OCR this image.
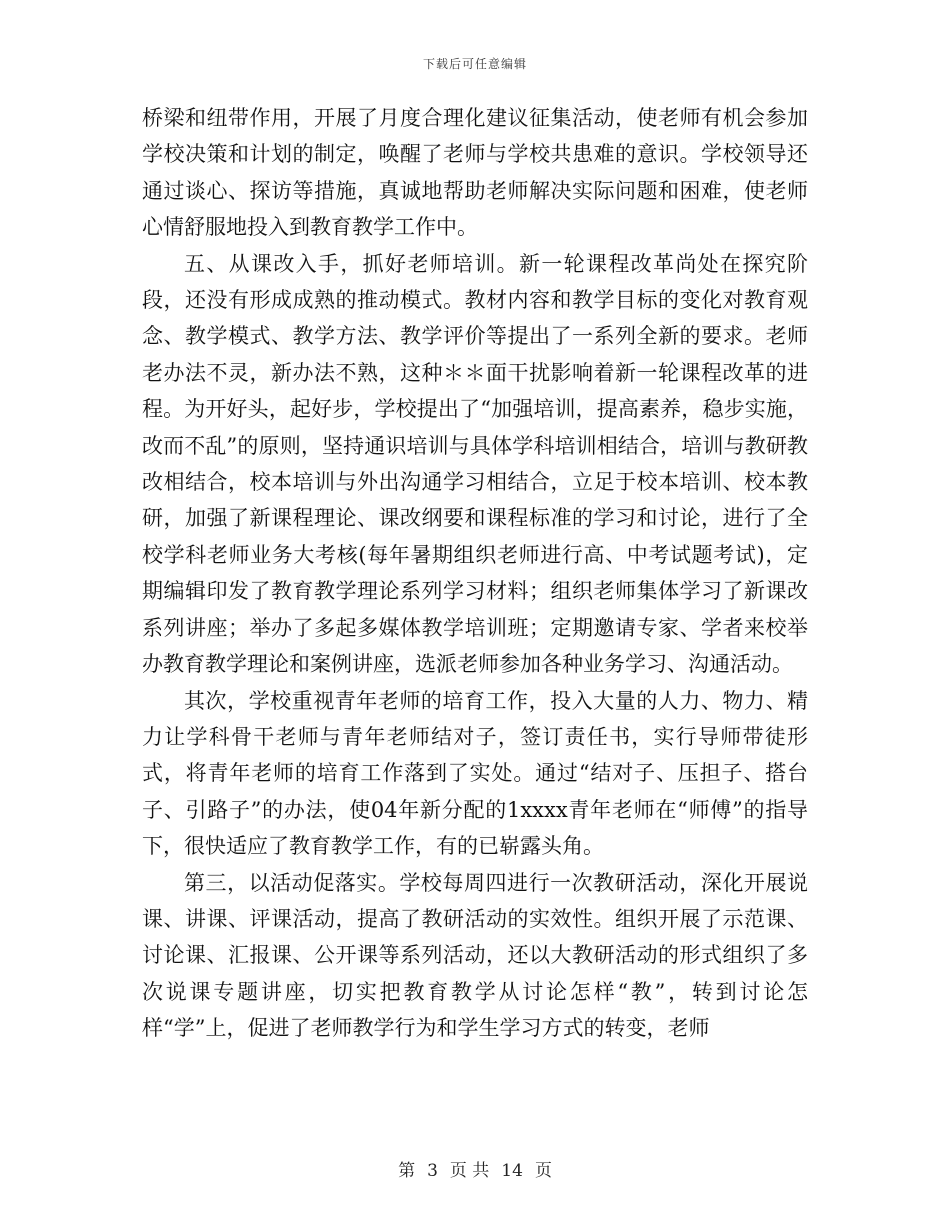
下载后可任意编辑

桥梁和纽带作用，开展了月度合理化建议征集活动，使老师有机会参加学校决策和计划的制定，唤醒了老师与学校共患难的意识。学校领导还通过谈心、探访等措施，真诚地帮助老师解决实际问题和困难，使老师心情舒服地投入到教育教学工作中。

五、从课改入手，抓好老师培训。新一轮课程改革尚处在探究阶段，还没有形成成熟的推动模式。教材内容和教学目标的变化对教育观念、教学模式、教学方法、教学评价等提出了一系列全新的要求。老师老办法不灵，新办法不熟，这种＊＊面干扰影响着新一轮课程改革的进程。为开好头，起好步，学校提出了“加强培训，提高素养，稳步实施，改而不乱”的原则，坚持通识培训与具体学科培训相结合，培训与教研教改相结合，校本培训与外出沟通学习相结合，立足于校本培训、校本教研，加强了新课程理论、课改纲要和课程标准的学习和讨论，进行了全校学科老师业务大考核(每年暑期组织老师进行高、中考试题考试)，定期编辑印发了教育教学理论系列学习材料；组织老师集体学习了新课改系列讲座；举办了多起多媒体教学培训班；定期邀请专家、学者来校举办教育教学理论和案例讲座，选派老师参加各种业务学习、沟通活动。

其次，学校重视青年老师的培育工作，投入大量的人力、物力、精力让学科骨干老师与青年老师结对子，签订责任书，实行导师带徒形式，将青年老师的培育工作落到了实处。通过“结对子、压担子、搭台子、引路子”的办法，使04年新分配的1xxxx青年老师在“师傅”的指导下，很快适应了教育教学工作，有的已崭露头角。

第三，以活动促落实。学校每周四进行一次教研活动，深化开展说课、讲课、评课活动，提高了教研活动的实效性。组织开展了示范课、讨论课、汇报课、公开课等系列活动，还以大教研活动的形式组织了多次说课专题讲座，切实把教育教学从讨论怎样“教”，转到讨论怎样“学”上，促进了老师教学行为和学生学习方式的转变，老师

第 3 页 共 14 页
